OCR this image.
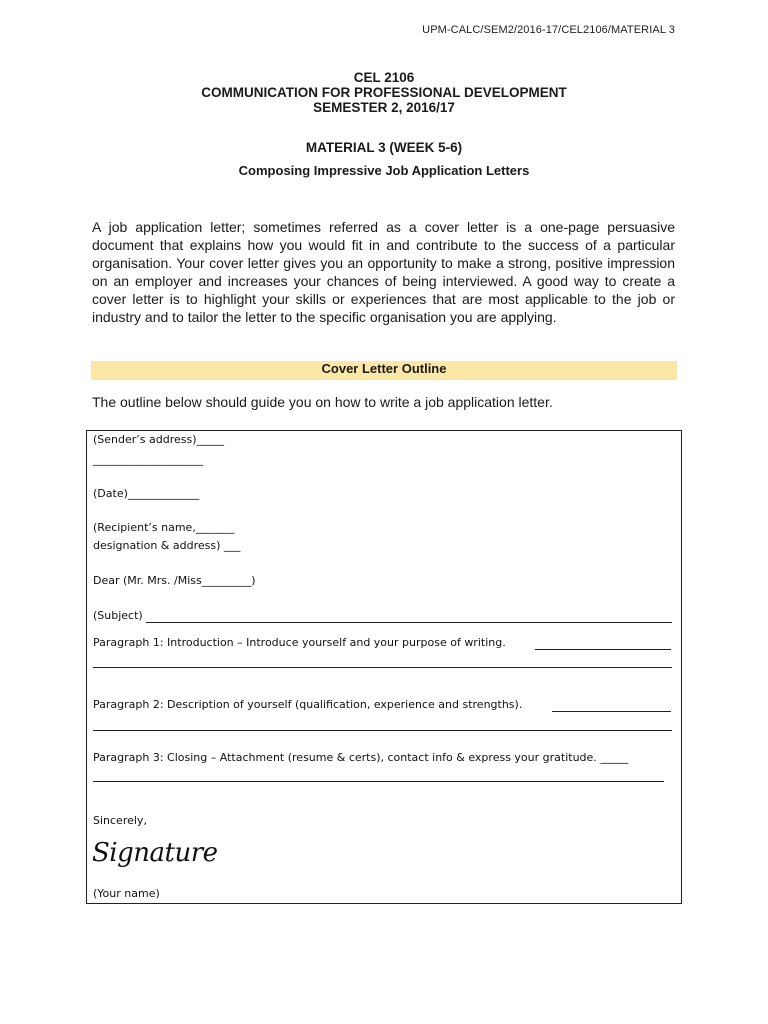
UPM-CALC/SEM2/2016-17/CEL2106/MATERIAL 3
CEL 2106
COMMUNICATION FOR PROFESSIONAL DEVELOPMENT
SEMESTER 2, 2016/17
MATERIAL 3 (WEEK 5-6)
Composing Impressive Job Application Letters

A job application letter; sometimes referred as a cover letter is a one-page persuasive document that explains how you would fit in and contribute to the success of a particular organisation. Your cover letter gives you an opportunity to make a strong, positive impression on an employer and increases your chances of being interviewed. A good way to create a cover letter is to highlight your skills or experiences that are most applicable to the job or industry and to tailor the letter to the specific organisation you are applying.

Cover Letter Outline
The outline below should guide you on how to write a job application letter.
(Sender’s address)_____
____________________
(Date)_____________
(Recipient’s name,_______
designation & address) ___
Dear (Mr. Mrs. /Miss_________)
(Subject)
Paragraph 1: Introduction – Introduce yourself and your purpose of writing.
Paragraph 2: Description of yourself (qualification, experience and strengths).
Paragraph 3: Closing – Attachment (resume & certs), contact info & express your gratitude. _____
Sincerely,
Signature
(Your name)
